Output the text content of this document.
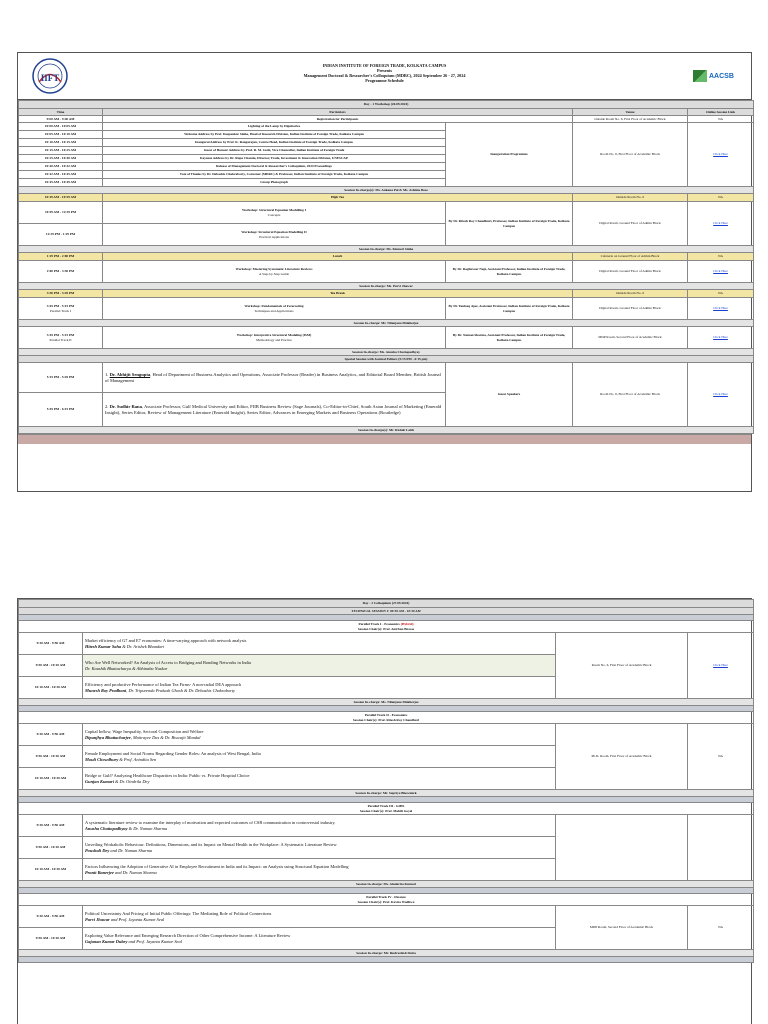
IIFT
INDIAN INSTITUTE OF FOREIGN TRADE, KOLKATA CAMPUS
Presents
Management Doctoral & Researcher's Colloquium (MDRC), 2024 September 26 - 27, 2024
Programme Schedule
AACSB
Day - 1 Workshop (26.09.2024)				
Time	Particulars		Venue	Online Session Link
9:00 AM - 9:40 AM	Registration for Participants		Outside Room No. 6, First Floor of Academic Block	NA
10:00 AM - 10:05 AM	Lighting of the Lamp by Dignitaries	Inauguration Programme	Room No. 6, First Floor of Academic Block	Click Here
10:05 AM - 10:10 AM	Welcome Address by Prof. Deepankar Sinha, Head of Research Division, Indian Institute of Foreign Trade, Kolkata Campus			
10:10 AM - 10:15 AM	Inaugural Address by Prof. K. Rangarajan, Centre Head, Indian Institute of Foreign Trade, Kolkata Campus			
10:15 AM - 10:25 AM	Guest of Honour Address by Prof. R. M. Joshi, Vice Chancellor, Indian Institute of Foreign Trade			
10:25 AM - 10:40 AM	Keynote Address by Dr. Rupa Chanda, Director, Trade, Investment & Innovation Division, UNESCAP			
10:40 AM - 10:42 AM	Release of Management Doctoral & Researcher's Colloquium, 2024 Proceedings			
10:42 AM - 10:45 AM	Vote of Thanks by Dr. Debashis Chakraborty, Convenor (MDRC) & Professor, Indian Institute of Foreign Trade, Kolkata Campus			
10:45 AM - 10:49 AM	Group Photograph			
Session In-charge(s): Ms. Ankana Pal & Ms. Ashima Bose				
10:49 AM - 10:59 AM	High Tea		Outside Room No. 6	NA
10:59 AM - 12:29 PM	Workshop: Structural Equation Modelling I
Concepts	By Dr. Ritesh Roy Chaudhuri, Professor, Indian Institute of Foreign Trade, Kolkata Campus	Digital Room, Ground Floor of Admin Block	Click Here
12:29 PM - 1:29 PM	Workshop: Structural Equation Modelling II
Practical Applications			
Session In-charge: Ms. Kinnori Sinha				
1:29 PM - 2:00 PM	Lunch		Cafeteria on Ground Floor of Admin Block	NA
2:00 PM - 3:30 PM	Workshop: Mastering Systematic Literature Reviews
A Step-by-Step Guide	By Dr. Raghuveer Negi, Assistant Professor, Indian Institute of Foreign Trade, Kolkata Campus	Digital Room, Ground Floor of Admin Block	Click Here
Session In-charge: Ms. Purvi Jhawar				
3:30 PM - 3:45 PM	Tea Break		Outside Room No. 6	NA
3:45 PM - 5:15 PM
Parallel Track I	Workshop: Fundamentals of Forecasting
Techniques and Applications	By Dr. Tanfeeq Ajaz, Assistant Professor, Indian Institute of Foreign Trade, Kolkata Campus	Digital Room, Ground Floor of Admin Block	Click Here
Session In-charge: Mr. Nilanjana Mukherjee				
3:45 PM - 5:15 PM
Parallel Track II	Workshop: Interpretive Structural Modeling (ISM)
Methodology and Practice	By Dr. Naman Sharma, Assistant Professor, Indian Institute of Foreign Trade, Kolkata Campus	MDP Room, Second Floor of Academic Block	Click Here
Session In-charge: Ms. Anusha Chattopadhyay				
Special Session with Journal Editors (5:15 PM - 6:15 pm)				
5:15 PM - 5:45 PM	1. Dr. Abhijit Sengupta, Head of Department of Business Analytics and Operations, Associate Professor (Reader) in Business Analytics, and Editorial Board Member, British Journal of Management	Guest Speakers	Room No. 6, First Floor of Academic Block	Click Here
5:45 PM - 6:15 PM	2. Dr. Sudhir Rana, Associate Professor, Gulf Medical University and Editor, FIIB Business Review (Sage Journals), Co-Editor-in-Chief, South Asian Journal of Marketing (Emerald Insight), Series Editor, Review of Management Literature (Emerald Insight), Series Editor, Advances in Emerging Markets and Business Operations (Routledge)			
Session In-charge(s): Mr. Rishab Laith				
Day - 2 Colloquium (27.09.2024)			
TECHNICAL SESSION I: 09:30 AM - 10:30 AM			

Parallel Track I - Economics (Hybrid)
Session Chair(s): Prof. Anirban Biswas			
9:30 AM - 9:50 AM	Market efficiency of G7 and E7 economies: A time-varying approach with network analysis
Hitesh Kumar Saha & Dr. Arishek Bhandari	Room No. 6, First Floor of Academic Block	Click Here
9:50 AM - 10:10 AM	Who Are Well Networked? An Analysis of Access to Bridging and Bonding Networks in India
Dr. Kaushik Bhattacharya & Abhinaba Naskar		
10:10 AM - 10:30 AM	Efficiency and productive Performance of Indian Tea Firms- A non-radial DEA approach
Munesh Roy Pradhani, Dr. Tripurenda Prakash Ghosh & Dr. Debashis Chakraborty		
Session In-charge: Ms. Nilanjana Mukherjee			

Parallel Track II - Economics
Session Chair(s): Prof. Ritesh Roy Chaudhuri			
9:30 AM - 9:50 AM	Capital Inflow, Wage Inequality, Sectoral Composition and Welfare
Dipanjhya Bhattacharjee, Maitrayee Das & Dr. Biswajit Mandal	Ph.D. Room, First Floor of Academic Block	NA
9:50 AM - 10:10 AM	Female Employment and Social Norms Regarding Gender Roles: An analysis of West Bengal, India
Mouli Chowdhury & Prof. Anindita Sen		
10:10 AM - 10:30 AM	Bridge or Gulf? Analyzing Healthcare Disparities in India: Public vs. Private Hospital Choice
Gunjan Kumari & Dr. Oindrila Dey		
Session In-charge: Mr. Supriya Bhowmick			

Parallel Track III - GIHS
Session Chair(s): Prof. Mohili Goyel			
9:30 AM - 9:50 AM	A systematic literature review to examine the interplay of motivation and expected outcomes of CSR communication in controversial industry.
Anusha Chattopadhyay & Dr. Naman Sharma		
9:50 AM - 10:10 AM	Unveiling Workaholic Behaviour: Definitions, Dimensions, and its Impact on Mental Health in the Workplace: A Systematic Literature Review
Poushali Dey and Dr. Naman Sharma		
10:10 AM - 10:30 AM	Factors Influencing the Adoption of Generative AI in Employee Recruitment in India and its Impact: an Analysis using Structural Equation Modelling
Pranit Banerjee and Dr. Naman Sharma		
Session In-charge: Ms. Alankrita Kumari			

Parallel Track IV - Finance
Session Chair(s): Prof. Kavita Wadhwa			
9:30 AM - 9:50 AM	Political Uncertainty And Pricing of Initial Public Offerings: The Mediating Role of Political Connections
Purvi Jhawar and Prof. Jayanta Kumar Seal	MDP Room, Second Floor of Academic Block	NA
9:50 AM - 10:10 AM	Exploring Value Relevance and Emerging Research Direction of Other Comprehensive Income: A Literature Review
Gajanan Kumar Dubey and Prof. Jayanta Kumar Seal		
Session In-charge: Mr. Rudrashish Dutta			
